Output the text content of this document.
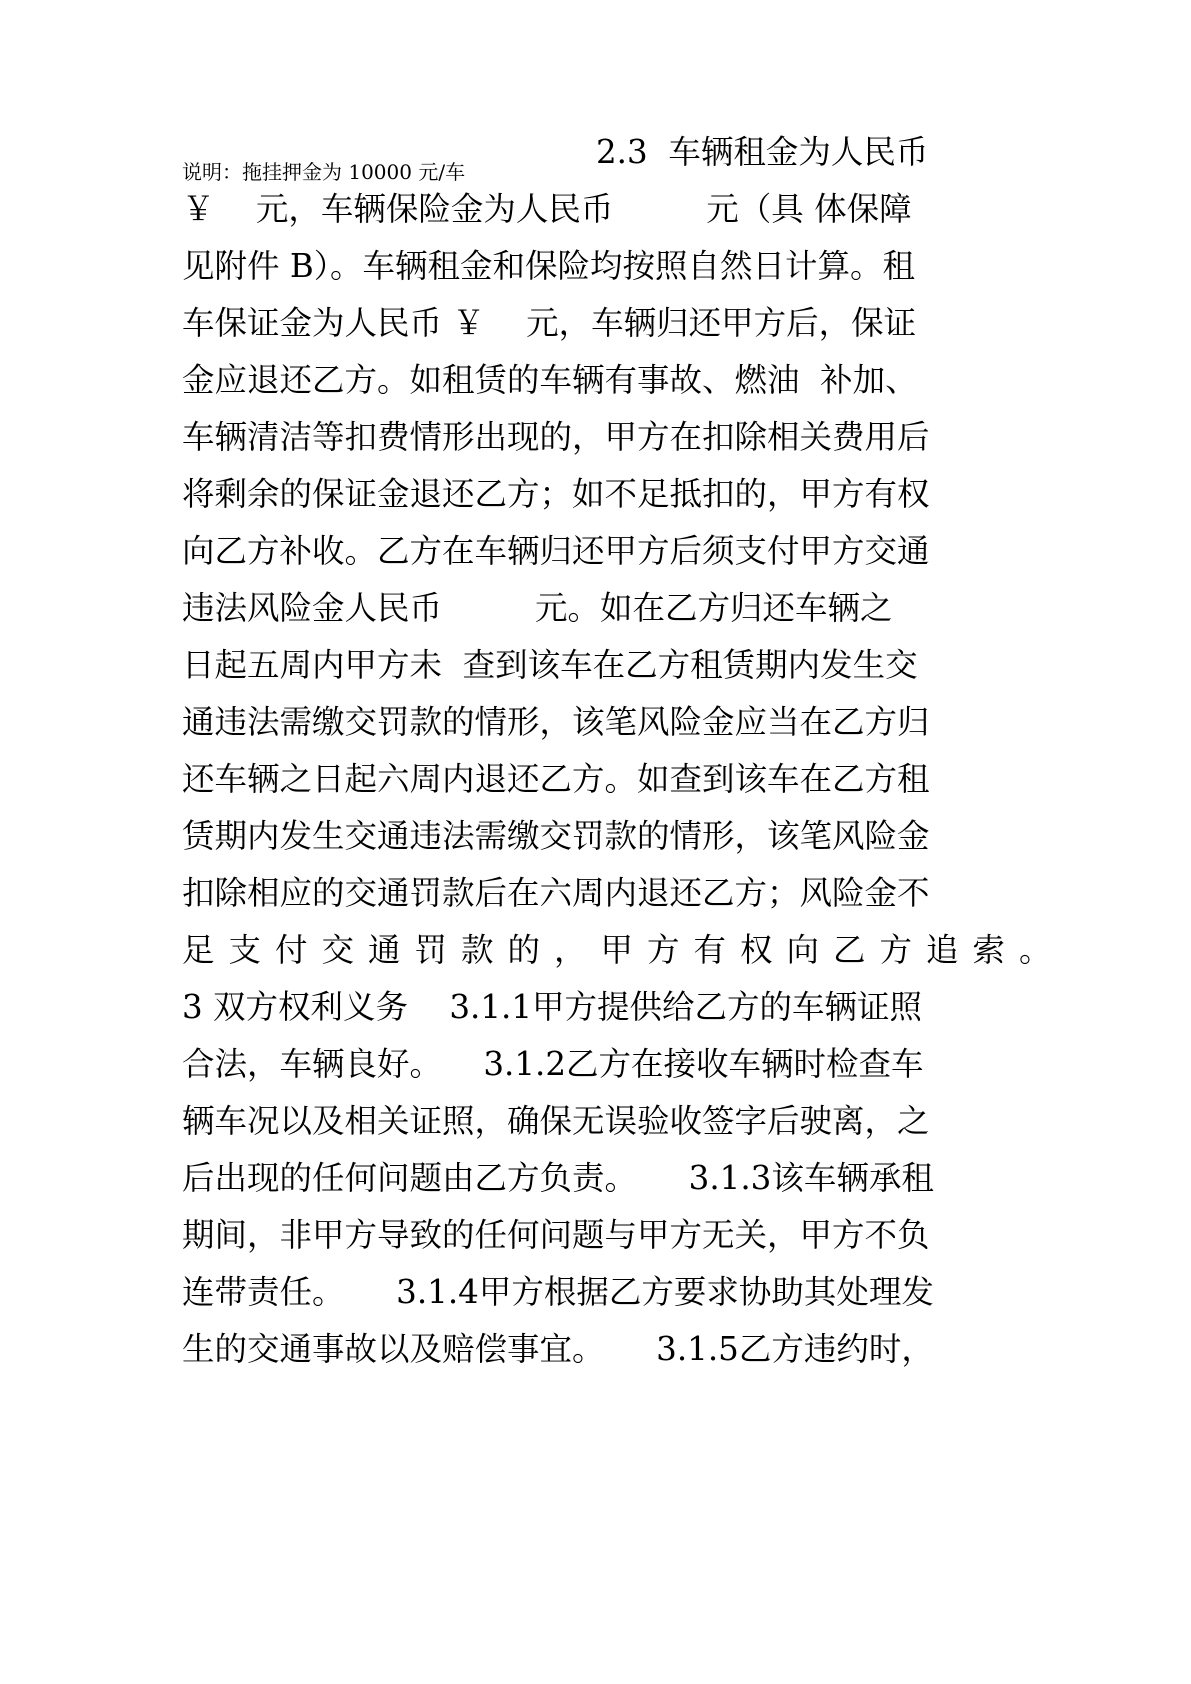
说明：拖挂押金为 10000 元/车
2.3  车辆租金为人民币
￥    元，车辆保险金为人民币         元（具 体保障
见附件 B）。车辆租金和保险均按照自然日计算。租
车保证金为人民币 ￥    元，车辆归还甲方后，保证
金应退还乙方。如租赁的车辆有事故、燃油  补加、
车辆清洁等扣费情形出现的，甲方在扣除相关费用后
将剩余的保证金退还乙方；如不足抵扣的，甲方有权
向乙方补收。乙方在车辆归还甲方后须支付甲方交通
违法风险金人民币         元。如在乙方归还车辆之
日起五周内甲方未  查到该车在乙方租赁期内发生交
通违法需缴交罚款的情形，该笔风险金应当在乙方归
还车辆之日起六周内退还乙方。如查到该车在乙方租
赁期内发生交通违法需缴交罚款的情形，该笔风险金
扣除相应的交通罚款后在六周内退还乙方；风险金不
足支付交通罚款的，甲方有权向乙方追索。
3 双方权利义务    3.1.1甲方提供给乙方的车辆证照
合法，车辆良好。    3.1.2乙方在接收车辆时检查车
辆车况以及相关证照，确保无误验收签字后驶离，之
后出现的任何问题由乙方负责。     3.1.3该车辆承租
期间，非甲方导致的任何问题与甲方无关，甲方不负
连带责任。     3.1.4甲方根据乙方要求协助其处理发
生的交通事故以及赔偿事宜。     3.1.5乙方违约时，
